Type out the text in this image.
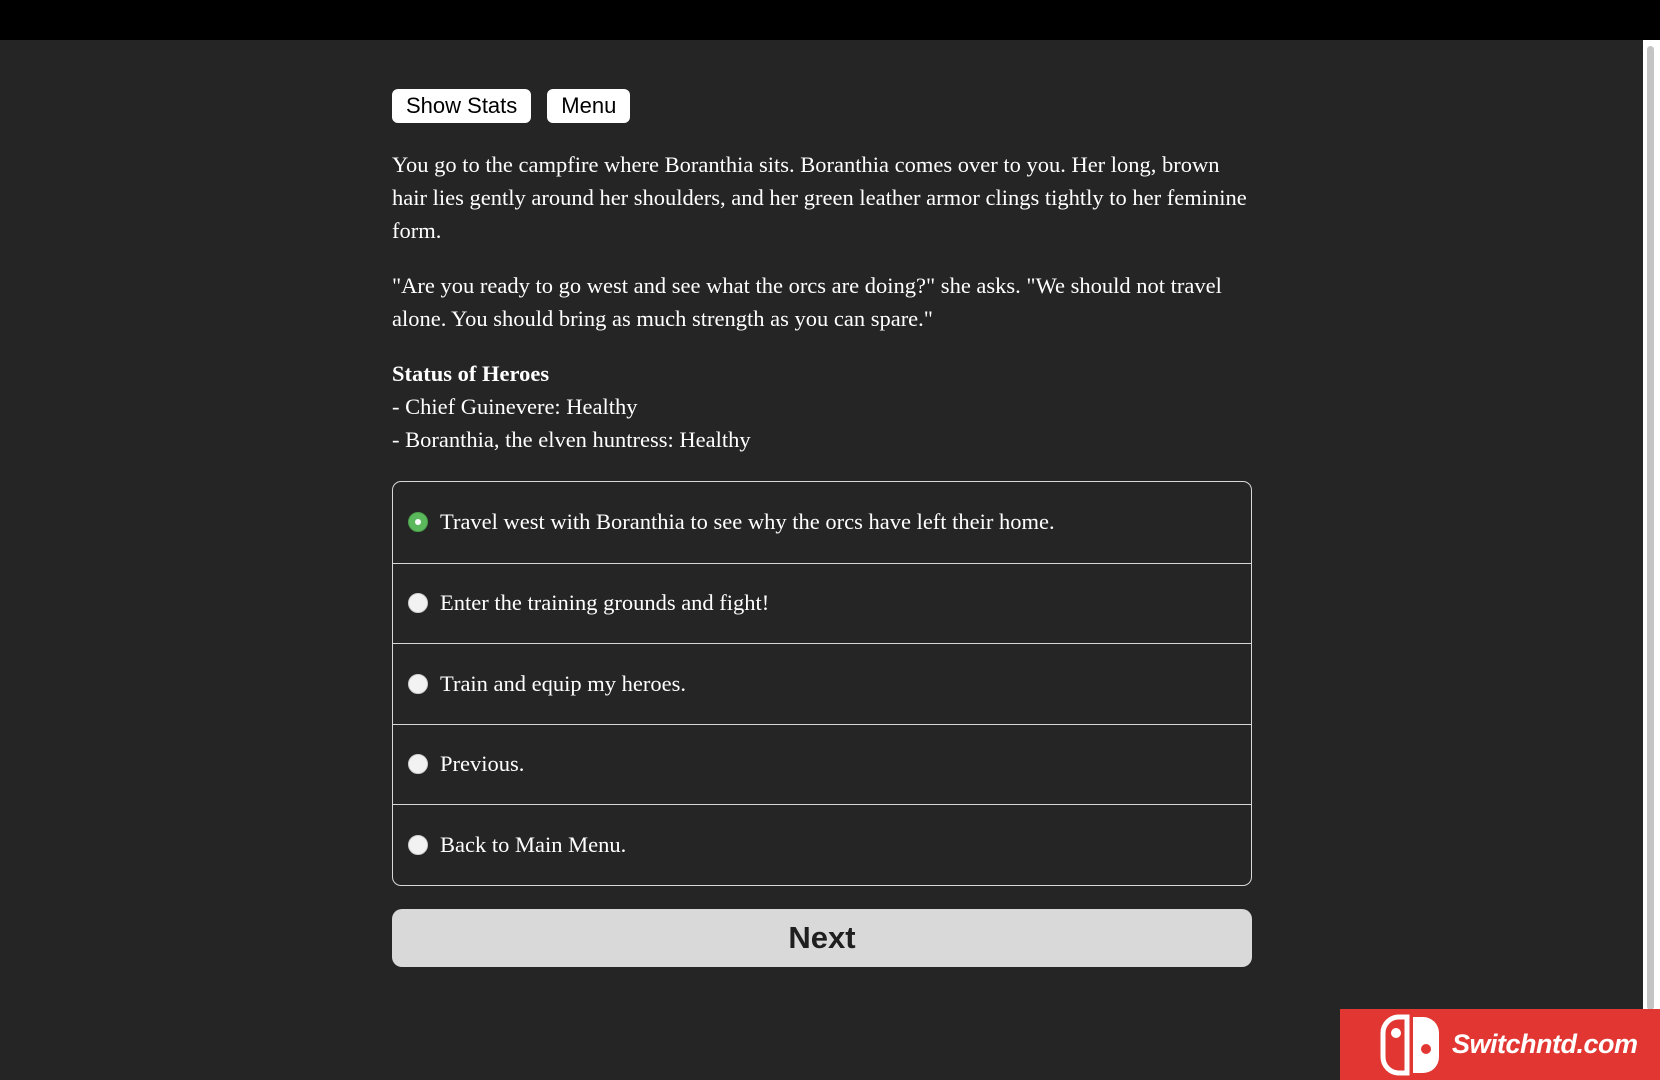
Show Stats	Menu

You go to the campfire where Boranthia sits. Boranthia comes over to you. Her long, brown hair lies gently around her shoulders, and her green leather armor clings tightly to her feminine form.

"Are you ready to go west and see what the orcs are doing?" she asks. "We should not travel alone. You should bring as much strength as you can spare."

Status of Heroes
- Chief Guinevere: Healthy
- Boranthia, the elven huntress: Healthy
Travel west with Boranthia to see why the orcs have left their home.
Enter the training grounds and fight!
Train and equip my heroes.
Previous.
Back to Main Menu.
Next
Switchntd.com
